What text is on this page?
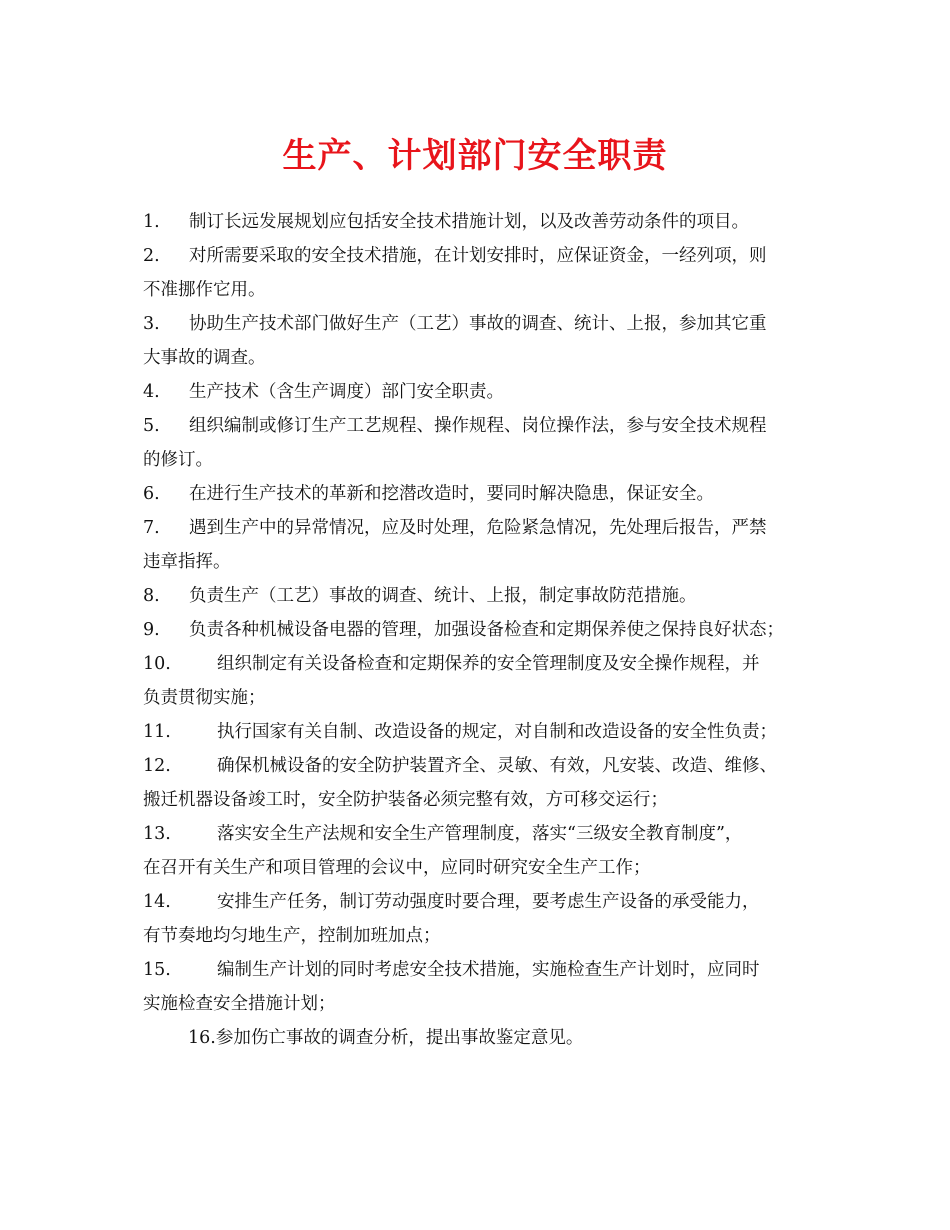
生产、计划部门安全职责
1. 制订长远发展规划应包括安全技术措施计划，以及改善劳动条件的项目。
2. 对所需要采取的安全技术措施，在计划安排时，应保证资金，一经列项，则
不准挪作它用。
3. 协助生产技术部门做好生产（工艺）事故的调查、统计、上报，参加其它重
大事故的调查。
4. 生产技术（含生产调度）部门安全职责。
5. 组织编制或修订生产工艺规程、操作规程、岗位操作法，参与安全技术规程
的修订。
6. 在进行生产技术的革新和挖潜改造时，要同时解决隐患，保证安全。
7. 遇到生产中的异常情况，应及时处理，危险紧急情况，先处理后报告，严禁
违章指挥。
8. 负责生产（工艺）事故的调查、统计、上报，制定事故防范措施。
9. 负责各种机械设备电器的管理，加强设备检查和定期保养使之保持良好状态；
10.	组织制定有关设备检查和定期保养的安全管理制度及安全操作规程，并
负责贯彻实施；
11.	执行国家有关自制、改造设备的规定，对自制和改造设备的安全性负责；
12.	确保机械设备的安全防护装置齐全、灵敏、有效，凡安装、改造、维修、
搬迁机器设备竣工时，安全防护装备必须完整有效，方可移交运行；
13.	落实安全生产法规和安全生产管理制度，落实“三级安全教育制度”，
在召开有关生产和项目管理的会议中，应同时研究安全生产工作；
14.	安排生产任务，制订劳动强度时要合理，要考虑生产设备的承受能力，
有节奏地均匀地生产，控制加班加点；
15.	编制生产计划的同时考虑安全技术措施，实施检查生产计划时，应同时
实施检查安全措施计划；
16.参加伤亡事故的调查分析，提出事故鉴定意见。
